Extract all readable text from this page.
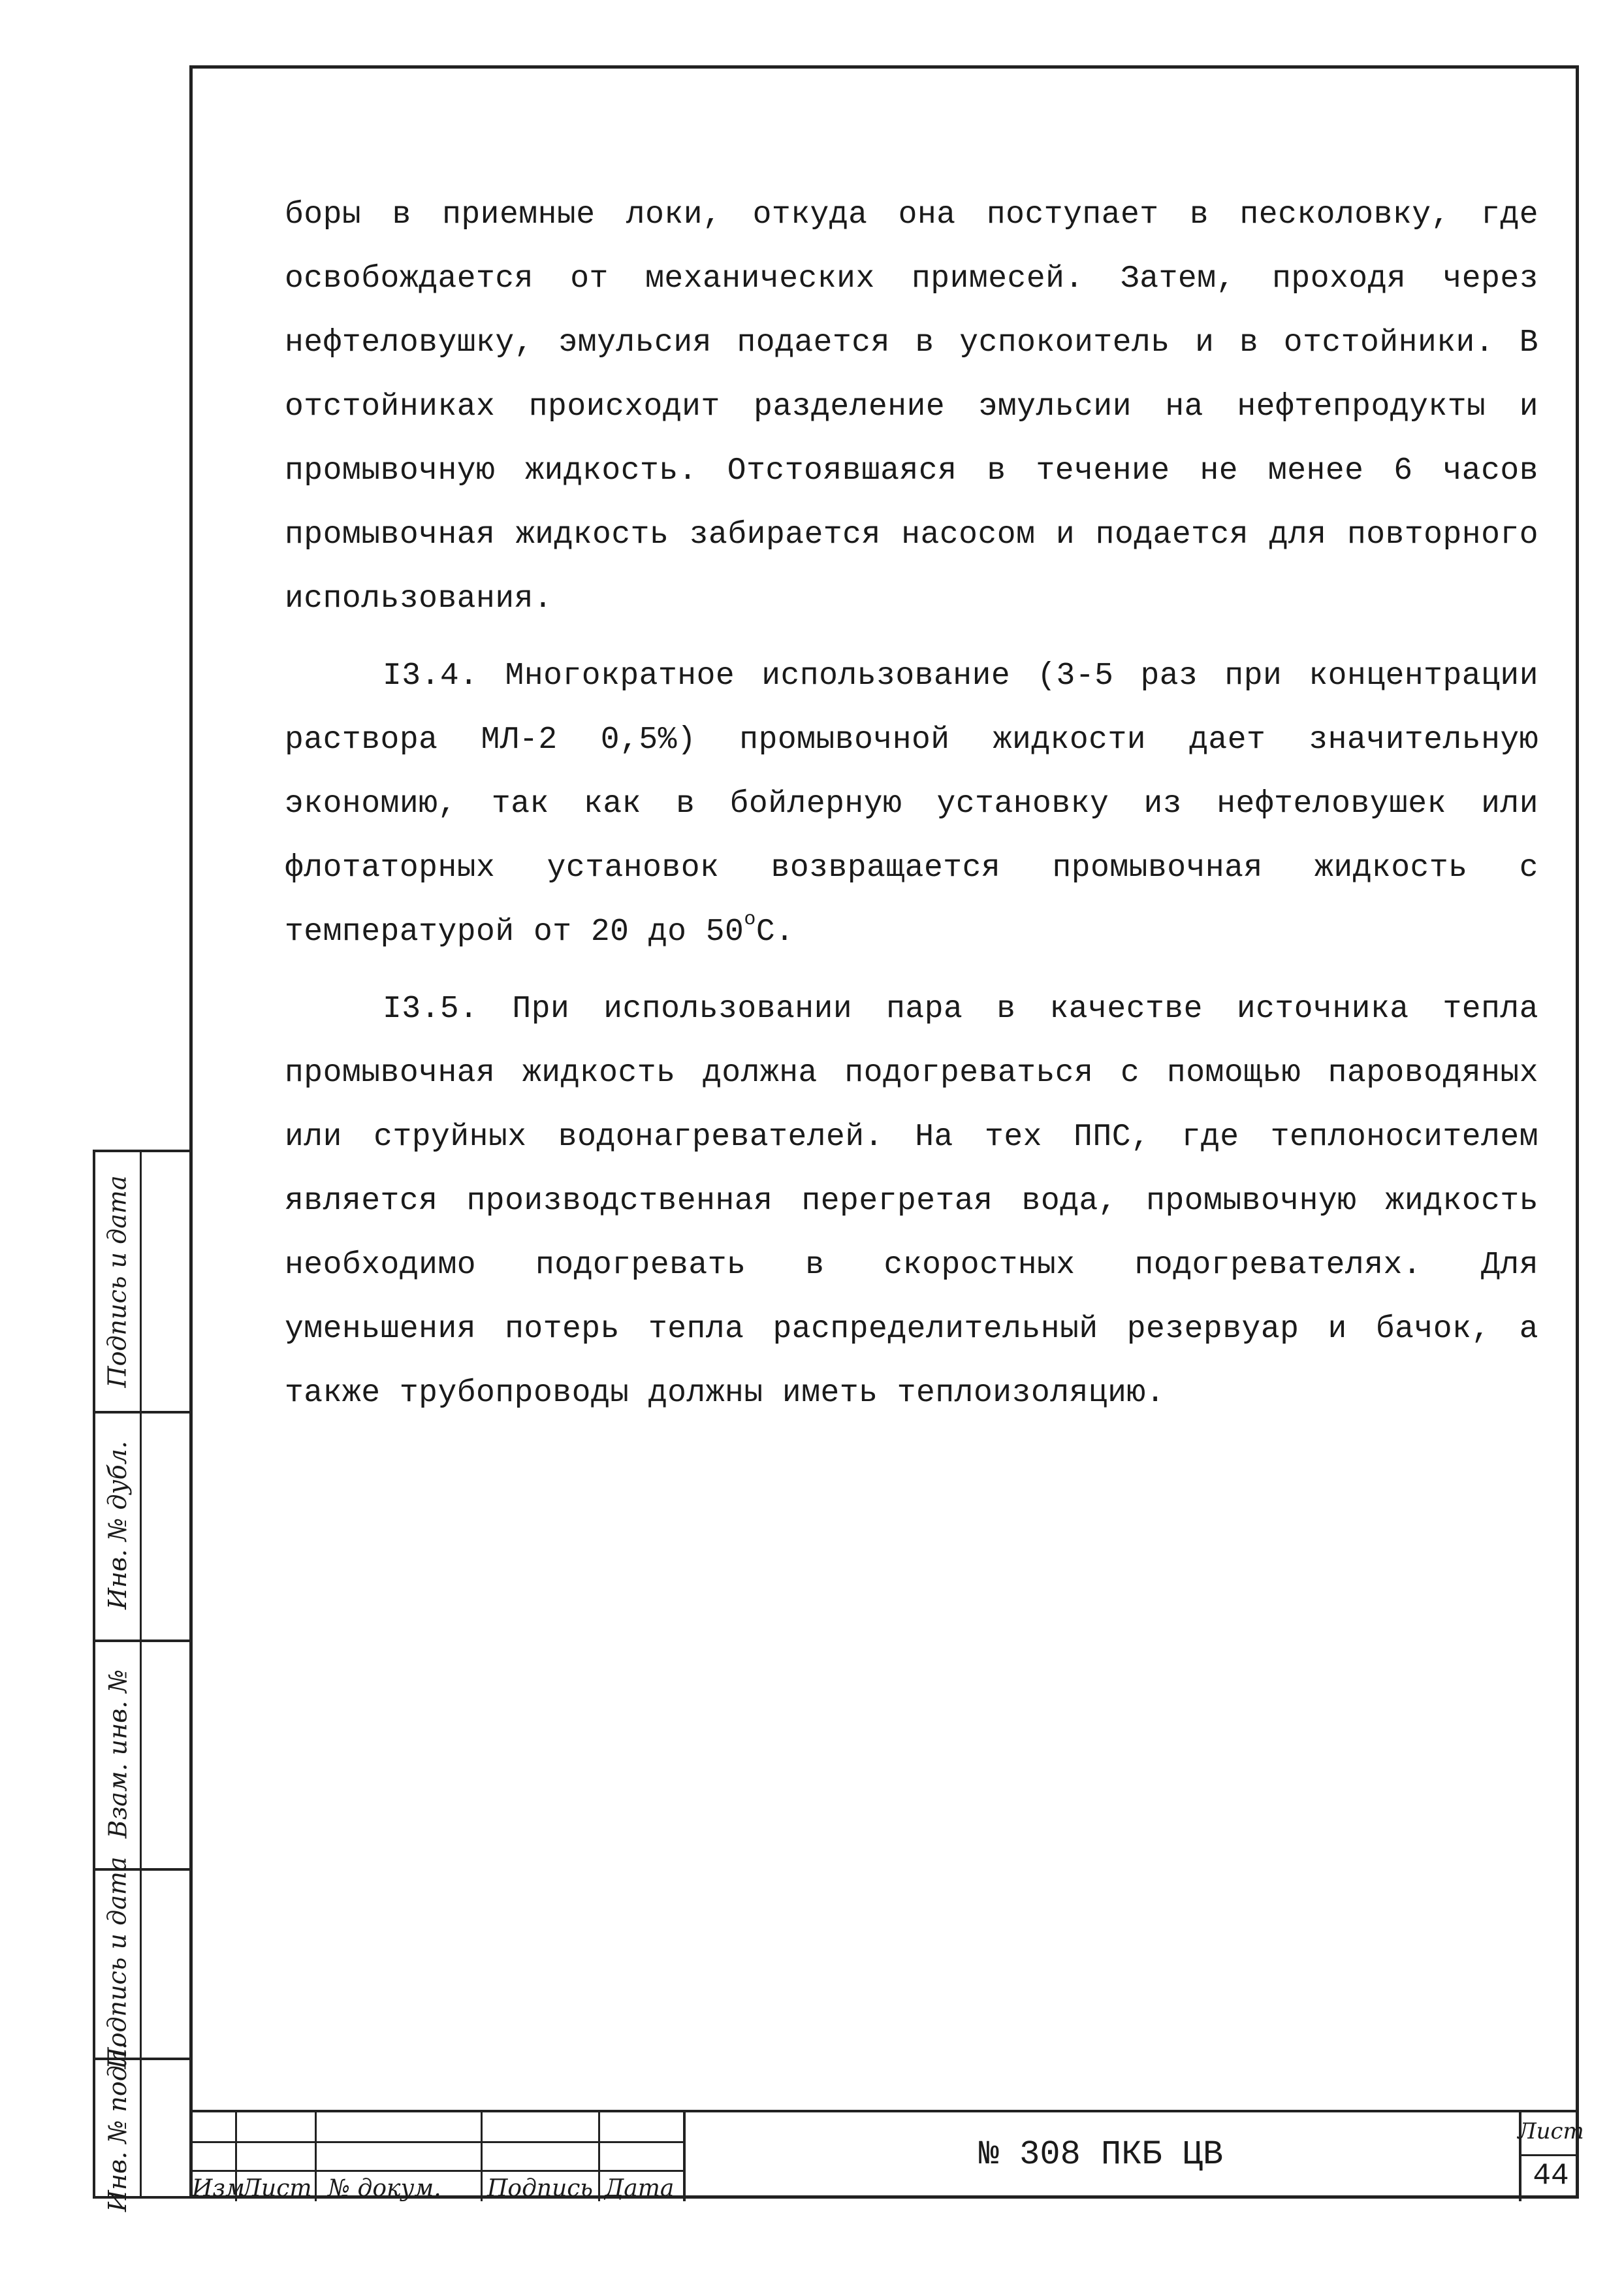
боры в приемные локи, откуда она поступает в песколовку, где освобождается от механических примесей. Затем, проходя через нефтеловушку, эмульсия подается в успокоитель и в отстойники. В отстойниках происходит разделение эмульсии на нефтепродукты и промывочную жидкость. Отстоявшаяся в течение не менее 6 часов промывочная жидкость забирается насосом и подается для повторного использования.

I3.4. Многократное использование (3-5 раз при концентрации раствора МЛ-2 0,5%) промывочной жидкости дает значительную экономию, так как в бойлерную установку из нефтеловушек или флотаторных установок возвращается промывочная жидкость с температурой от 20 до $50^оС$.

I3.5. При использовании пара в качестве источника тепла промывочная жидкость должна подогреваться с помощью пароводяных или струйных водонагревателей. На тех ППС, где теплоносителем является производственная перегретая вода, промывочную жидкость необходимо подогревать в скоростных подогревателях. Для уменьшения потерь тепла распределительный резервуар и бачок, а также трубопроводы должны иметь теплоизоляцию.

Подпись и дата
Инв. № дубл.
Взам. инв. №
Подпись и дата
Инв. № подл.	Изм
Лист № докум. Подпись Дата
№ 308 ПКБ ЦВ
Лист
44
